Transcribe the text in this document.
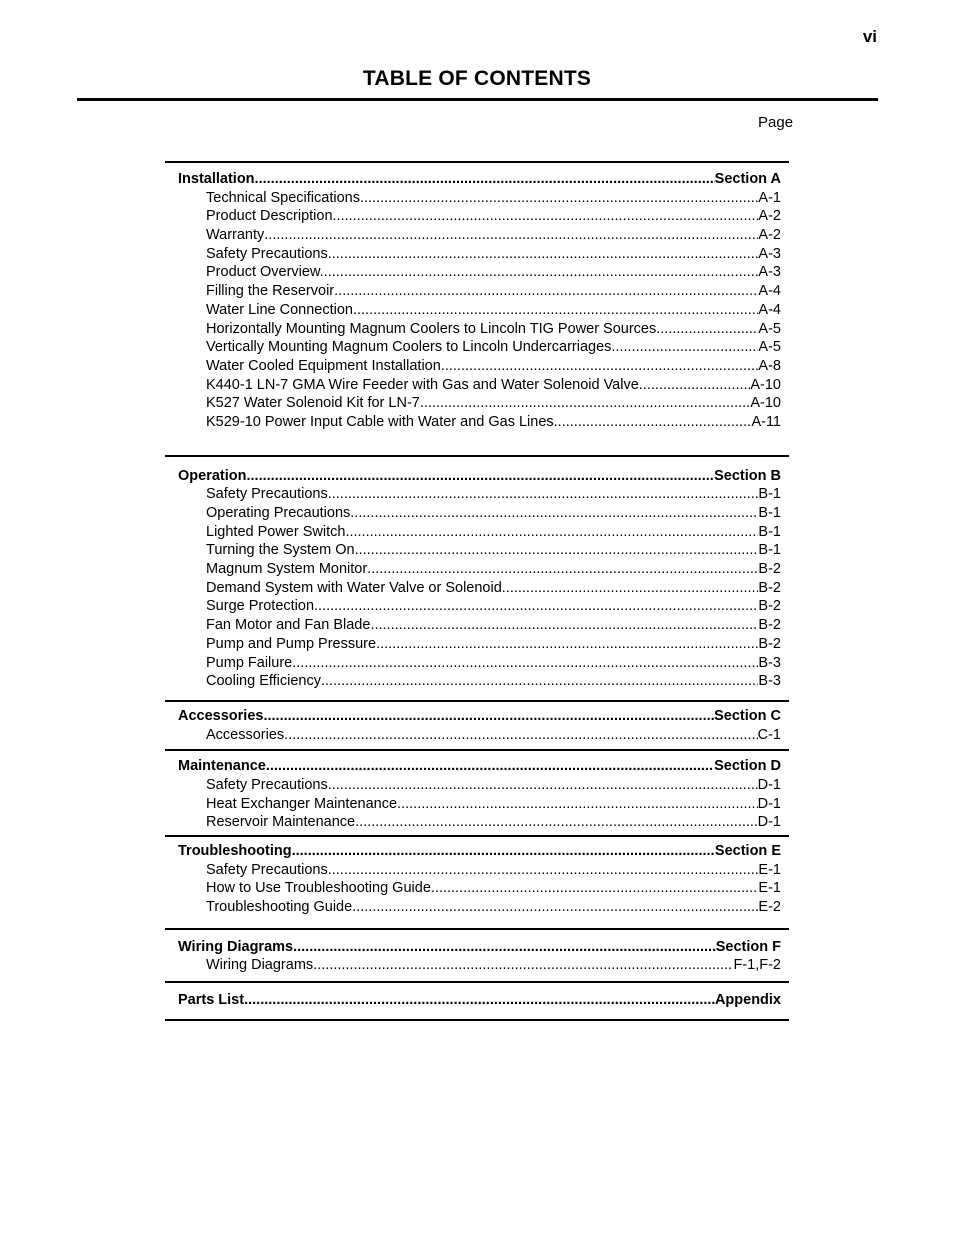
vi
TABLE OF CONTENTS
Page
Installation .....	Section A
Technical Specifications .....	A-1
Product Description .....	A-2
Warranty .....	A-2
Safety Precautions .....	A-3
Product Overview. .....	A-3
Filling the Reservoir .....	A-4
Water Line Connection .....	A-4
Horizontally Mounting Magnum Coolers to Lincoln TIG Power Sources .....	A-5
Vertically Mounting Magnum Coolers to Lincoln Undercarriages .....	A-5
Water Cooled Equipment Installation .....	A-8
K440-1 LN-7 GMA Wire Feeder with Gas and Water Solenoid Valve .....	A-10
K527 Water Solenoid Kit for LN-7 .....	A-10
K529-10 Power Input Cable with Water and Gas Lines .....	A-11
Operation .....	Section B
Safety Precautions .....	B-1
Operating Precautions .....	B-1
Lighted Power Switch .....	B-1
Turning the System On .....	B-1
Magnum System Monitor .....	B-2
Demand System with Water Valve or Solenoid .....	B-2
Surge Protection .....	B-2
Fan Motor and Fan Blade .....	B-2
Pump and Pump Pressure .....	B-2
Pump Failure .....	B-3
Cooling Efficiency .....	B-3
Accessories .....	Section C
Accessories .....	C-1
Maintenance .....	Section D
Safety Precautions .....	D-1
Heat Exchanger Maintenance .....	D-1
Reservoir Maintenance .....	D-1
Troubleshooting .....	Section E
Safety Precautions .....	E-1
How to Use Troubleshooting Guide .....	E-1
Troubleshooting Guide .....	E-2
Wiring Diagrams .....	Section F
Wiring Diagrams .....	F-1,F-2
Parts List .....	Appendix
